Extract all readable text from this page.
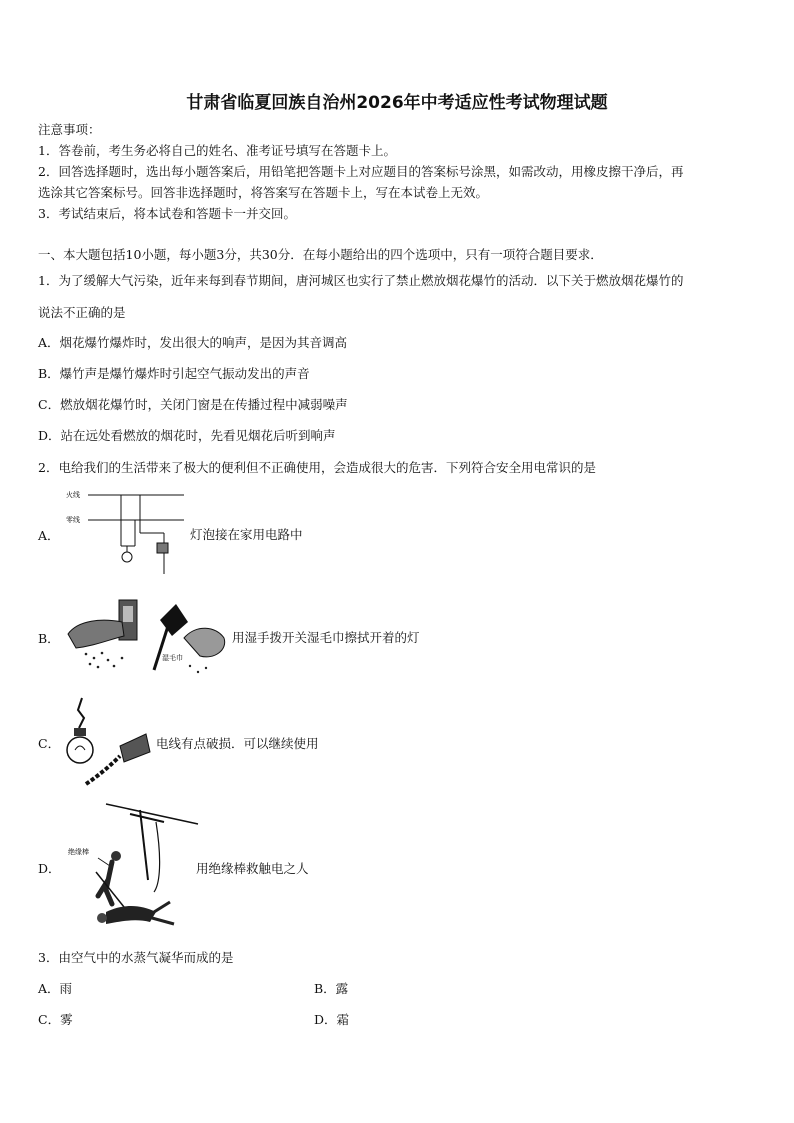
甘肃省临夏回族自治州2026年中考适应性考试物理试题
注意事项：
1．答卷前，考生务必将自己的姓名、准考证号填写在答题卡上。
2．回答选择题时，选出每小题答案后，用铅笔把答题卡上对应题目的答案标号涂黑，如需改动，用橡皮擦干净后，再
选涂其它答案标号。回答非选择题时，将答案写在答题卡上，写在本试卷上无效。
3．考试结束后，将本试卷和答题卡一并交回。
一、本大题包括10小题，每小题3分，共30分．在每小题给出的四个选项中，只有一项符合题目要求．
1．为了缓解大气污染，近年来每到春节期间，唐河城区也实行了禁止燃放烟花爆竹的活动．以下关于燃放烟花爆竹的
说法不正确的是
A．烟花爆竹爆炸时，发出很大的响声，是因为其音调高
B．爆竹声是爆竹爆炸时引起空气振动发出的声音
C．燃放烟花爆竹时，关闭门窗是在传播过程中减弱噪声
D．站在远处看燃放的烟花时，先看见烟花后听到响声
2．电给我们的生活带来了极大的便利但不正确使用，会造成很大的危害．下列符合安全用电常识的是
A．
火线
零线
灯泡接在家用电路中
B．
湿毛巾
用湿手拨开关湿毛巾擦拭开着的灯
C．	电线有点破损．可以继续使用
D．
绝缘棒
用绝缘棒救触电之人
3．由空气中的水蒸气凝华而成的是
A．雨	B．露
C．雾	D．霜
